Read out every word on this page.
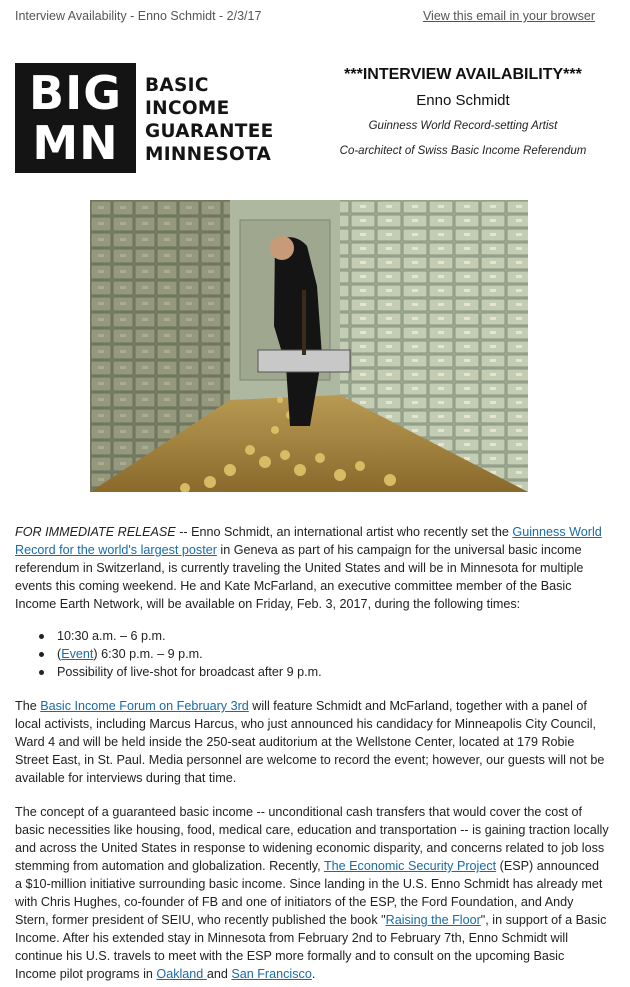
Interview Availability - Enno Schmidt - 2/3/17	View this email in your browser
BIG
MN
BASIC
INCOME
GUARANTEE
MINNESOTA
***INTERVIEW AVAILABILITY***
Enno Schmidt
Guinness World Record-setting Artist
Co-architect of Swiss Basic Income Referendum
FOR IMMEDIATE RELEASE -- Enno Schmidt, an international artist who recently set the Guinness World Record for the world's largest poster in Geneva as part of his campaign for the universal basic income referendum in Switzerland, is currently traveling the United States and will be in Minnesota for multiple events this coming weekend. He and Kate McFarland, an executive committee member of the Basic Income Earth Network, will be available on Friday, Feb. 3, 2017, during the following times:
10:30 a.m. – 6 p.m.
(Event) 6:30 p.m. – 9 p.m.
Possibility of live-shot for broadcast after 9 p.m.
The Basic Income Forum on February 3rd will feature Schmidt and McFarland, together with a panel of local activists, including Marcus Harcus, who just announced his candidacy for Minneapolis City Council, Ward 4 and will be held inside the 250-seat auditorium at the Wellstone Center, located at 179 Robie Street East, in St. Paul. Media personnel are welcome to record the event; however, our guests will not be available for interviews during that time.
The concept of a guaranteed basic income -- unconditional cash transfers that would cover the cost of basic necessities like housing, food, medical care, education and transportation -- is gaining traction locally and across the United States in response to widening economic disparity, and concerns related to job loss stemming from automation and globalization. Recently, The Economic Security Project (ESP) announced a $10-million initiative surrounding basic income. Since landing in the U.S. Enno Schmidt has already met with Chris Hughes, co-founder of FB and one of initiators of the ESP, the Ford Foundation, and Andy Stern, former president of SEIU, who recently published the book "Raising the Floor", in support of a Basic Income. After his extended stay in Minnesota from February 2nd to February 7th, Enno Schmidt will continue his U.S. travels to meet with the ESP more formally and to consult on the upcoming Basic Income pilot programs in Oakland and San Francisco.
